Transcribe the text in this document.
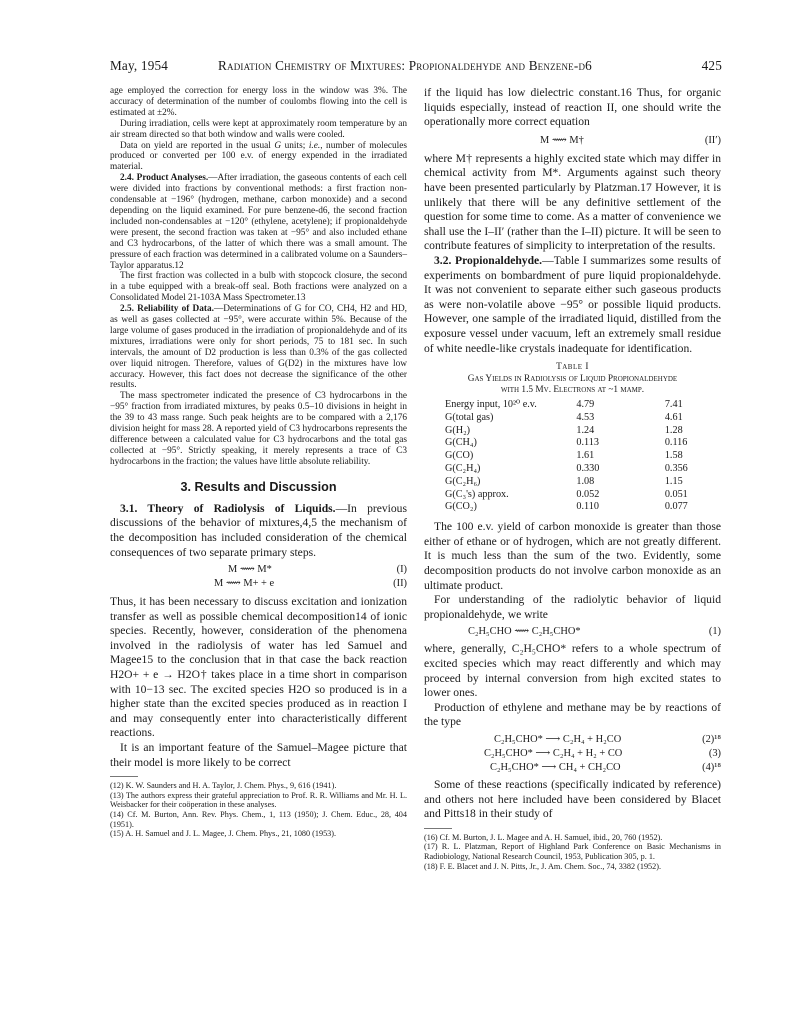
May, 1954	Radiation Chemistry of Mixtures: Propionaldehyde and Benzene-d6	425

age employed the correction for energy loss in the window was 3%. The accuracy of determination of the number of coulombs flowing into the cell is estimated at ±2%.

During irradiation, cells were kept at approximately room temperature by an air stream directed so that both window and walls were cooled.

Data on yield are reported in the usual G units; i.e., number of molecules produced or converted per 100 e.v. of energy expended in the irradiated material.

2.4. Product Analyses.—After irradiation, the gaseous contents of each cell were divided into fractions by conventional methods: a first fraction non-condensable at −196° (hydrogen, methane, carbon monoxide) and a second depending on the liquid examined. For pure benzene-d6, the second fraction included non-condensables at −120° (ethylene, acetylene); if propionaldehyde were present, the second fraction was taken at −95° and also included ethane and C3 hydrocarbons, of the latter of which there was a small amount. The pressure of each fraction was determined in a calibrated volume on a Saunders–Taylor apparatus.12

The first fraction was collected in a bulb with stopcock closure, the second in a tube equipped with a break-off seal. Both fractions were analyzed on a Consolidated Model 21-103A Mass Spectrometer.13

2.5. Reliability of Data.—Determinations of G for CO, CH4, H2 and HD, as well as gases collected at −95°, were accurate within 5%. Because of the large volume of gases produced in the irradiation of propionaldehyde and of its mixtures, irradiations were only for short periods, 75 to 181 sec. In such intervals, the amount of D2 production is less than 0.3% of the gas collected over liquid nitrogen. Therefore, values of G(D2) in the mixtures have low accuracy. However, this fact does not decrease the significance of the other results.

The mass spectrometer indicated the presence of C3 hydrocarbons in the −95° fraction from irradiated mixtures, by peaks 0.5–10 divisions in height in the 39 to 43 mass range. Such peak heights are to be compared with a 2,176 division height for mass 28. A reported yield of C3 hydrocarbons represents the difference between a calculated value for C3 hydrocarbons and the total gas collected at −95°. Strictly speaking, it merely represents a trace of C3 hydrocarbons in the fraction; the values have little absolute reliability.

3. Results and Discussion

3.1. Theory of Radiolysis of Liquids.—In previous discussions of the behavior of mixtures,4,5 the mechanism of the decomposition has included consideration of the chemical consequences of two separate primary steps.

M ⟿ M*	(I)
M ⟿ M+ + e	(II)

Thus, it has been necessary to discuss excitation and ionization transfer as well as possible chemical decomposition14 of ionic species. Recently, however, consideration of the phenomena involved in the radiolysis of water has led Samuel and Magee15 to the conclusion that in that case the back reaction H2O+ + e → H2O† takes place in a time short in comparison with 10−13 sec. The excited species H2O so produced is in a higher state than the excited species produced as in reaction I and may consequently enter into characteristically different reactions.

It is an important feature of the Samuel–Magee picture that their model is more likely to be correct

(12) K. W. Saunders and H. A. Taylor, J. Chem. Phys., 9, 616 (1941).

(13) The authors express their grateful appreciation to Prof. R. R. Williams and Mr. H. L. Weisbacker for their coöperation in these analyses.

(14) Cf. M. Burton, Ann. Rev. Phys. Chem., 1, 113 (1950); J. Chem. Educ., 28, 404 (1951).

(15) A. H. Samuel and J. L. Magee, J. Chem. Phys., 21, 1080 (1953).

if the liquid has low dielectric constant.16 Thus, for organic liquids especially, instead of reaction II, one should write the operationally more correct equation

M ⟿ M†	(II′)

where M† represents a highly excited state which may differ in chemical activity from M*. Arguments against such theory have been presented particularly by Platzman.17 However, it is unlikely that there will be any definitive settlement of the question for some time to come. As a matter of convenience we shall use the I–II′ (rather than the I–II) picture. It will be seen to contribute features of simplicity to interpretation of the results.

3.2. Propionaldehyde.—Table I summarizes some results of experiments on bombardment of pure liquid propionaldehyde. It was not convenient to separate either such gaseous products as were non-volatile above −95° or possible liquid products. However, one sample of the irradiated liquid, distilled from the exposure vessel under vacuum, left an extremely small residue of white needle-like crystals inadequate for identification.

Table I

Gas Yields in Radiolysis of Liquid Propionaldehyde

with 1.5 Mv. Electrons at ~1 μamp.

Energy input, 10²⁰ e.v.	4.79	7.41
G(total gas)	4.53	4.61
G(H₂)	1.24	1.28
G(CH₄)	0.113	0.116
G(CO)	1.61	1.58
G(C₂H₄)	0.330	0.356
G(C₂H₆)	1.08	1.15
G(C₃'s) approx.	0.052	0.051
G(CO₂)	0.110	0.077

The 100 e.v. yield of carbon monoxide is greater than those either of ethane or of hydrogen, which are not greatly different. It is much less than the sum of the two. Evidently, some decomposition products do not involve carbon monoxide as an ultimate product.

For understanding of the radiolytic behavior of liquid propionaldehyde, we write

C₂H₅CHO ⟿ C₂H₅CHO*	(1)

where, generally, C₂H₅CHO* refers to a whole spectrum of excited species which may react differently and which may proceed by internal conversion from high excited states to lower ones.

Production of ethylene and methane may be by reactions of the type

C₂H₅CHO* ⟶ C₂H₄ + H₂CO	(2)¹⁸
C₂H₅CHO* ⟶ C₂H₄ + H₂ + CO	(3)
C₂H₅CHO* ⟶ CH₄ + CH₂CO	(4)¹⁸

Some of these reactions (specifically indicated by reference) and others not here included have been considered by Blacet and Pitts18 in their study of

(16) Cf. M. Burton, J. L. Magee and A. H. Samuel, ibid., 20, 760 (1952).

(17) R. L. Platzman, Report of Highland Park Conference on Basic Mechanisms in Radiobiology, National Research Council, 1953, Publication 305, p. 1.

(18) F. E. Blacet and J. N. Pitts, Jr., J. Am. Chem. Soc., 74, 3382 (1952).
